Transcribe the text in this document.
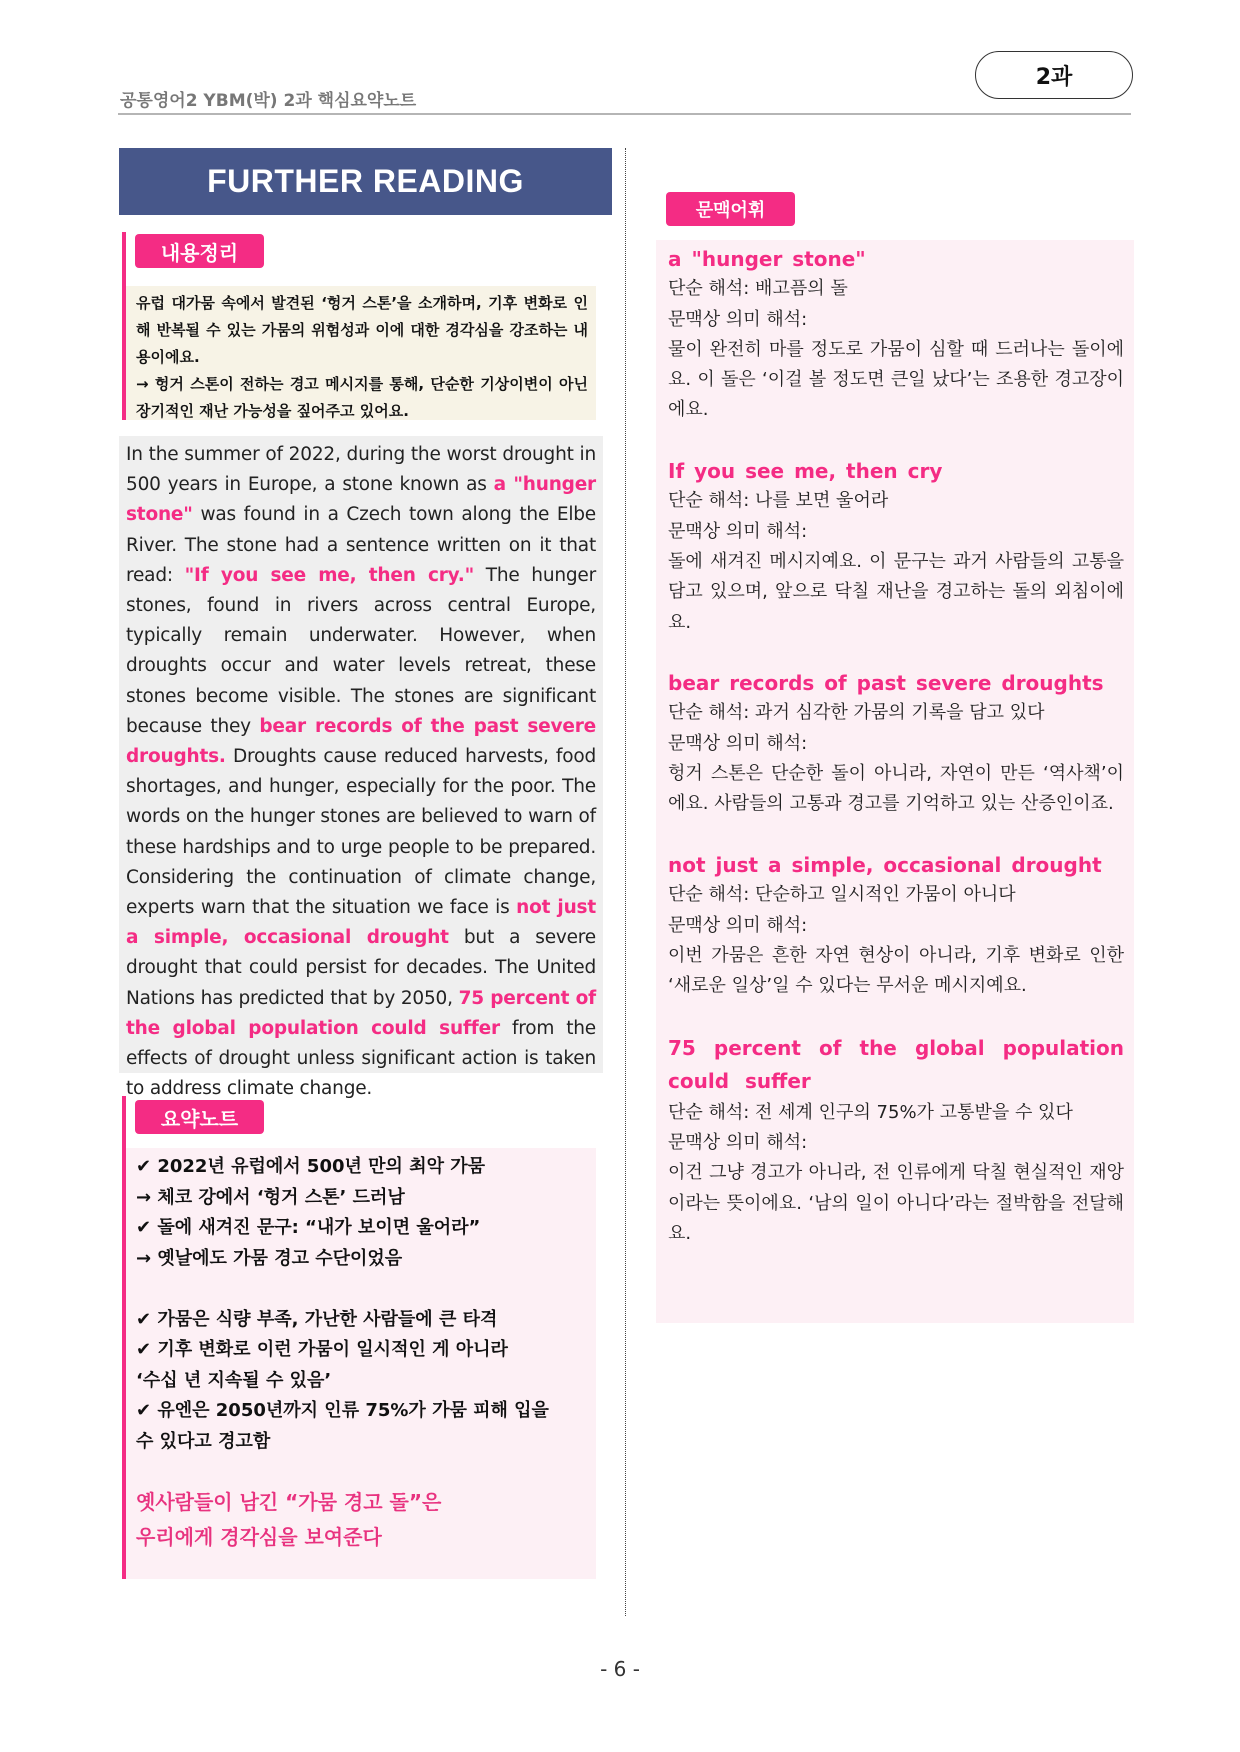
공통영어2 YBM(박) 2과 핵심요약노트
2과
FURTHER READING
내용정리
유럽 대가뭄 속에서 발견된 ‘헝거 스톤’을 소개하며, 기후 변화로 인해 반복될 수 있는 가뭄의 위험성과 이에 대한 경각심을 강조하는 내용이에요.
→ 헝거 스톤이 전하는 경고 메시지를 통해, 단순한 기상이변이 아닌 장기적인 재난 가능성을 짚어주고 있어요.
In the summer of 2022, during the worst drought in 500 years in Europe, a stone known as a "hunger stone" was found in a Czech town along the Elbe River. The stone had a sentence written on it that read: "If you see me, then cry." The hunger stones, found in rivers across central Europe, typically remain underwater. However, when droughts occur and water levels retreat, these stones become visible. The stones are significant because they bear records of the past severe droughts. Droughts cause reduced harvests, food shortages, and hunger, especially for the poor. The words on the hunger stones are believed to warn of these hardships and to urge people to be prepared. Considering the continuation of climate change, experts warn that the situation we face is not just a simple, occasional drought but a severe drought that could persist for decades. The United Nations has predicted that by 2050, 75 percent of the global population could suffer from the effects of drought unless significant action is taken to address climate change.
요약노트
✔ 2022년 유럽에서 500년 만의 최악 가뭄
→ 체코 강에서 ‘헝거 스톤’ 드러남
✔ 돌에 새겨진 문구: “내가 보이면 울어라”
→ 옛날에도 가뭄 경고 수단이었음
✔ 가뭄은 식량 부족, 가난한 사람들에 큰 타격
✔ 기후 변화로 이런 가뭄이 일시적인 게 아니라
‘수십 년 지속될 수 있음’
✔ 유엔은 2050년까지 인류 75%가 가뭄 피해 입을
수 있다고 경고함
옛사람들이 남긴 “가뭄 경고 돌”은
우리에게 경각심을 보여준다
문맥어휘
a "hunger stone"
단순 해석: 배고픔의 돌
문맥상 의미 해석:
물이 완전히 마를 정도로 가뭄이 심할 때 드러나는 돌이에요. 이 돌은 ‘이걸 볼 정도면 큰일 났다’는 조용한 경고장이에요.
If you see me, then cry
단순 해석: 나를 보면 울어라
문맥상 의미 해석:
돌에 새겨진 메시지예요. 이 문구는 과거 사람들의 고통을 담고 있으며, 앞으로 닥칠 재난을 경고하는 돌의 외침이에요.
bear records of past severe droughts
단순 해석: 과거 심각한 가뭄의 기록을 담고 있다
문맥상 의미 해석:
헝거 스톤은 단순한 돌이 아니라, 자연이 만든 ‘역사책’이에요. 사람들의 고통과 경고를 기억하고 있는 산증인이죠.
not just a simple, occasional drought
단순 해석: 단순하고 일시적인 가뭄이 아니다
문맥상 의미 해석:
이번 가뭄은 흔한 자연 현상이 아니라, 기후 변화로 인한 ‘새로운 일상’일 수 있다는 무서운 메시지예요.
75 percent of the global population could suffer
단순 해석: 전 세계 인구의 75%가 고통받을 수 있다
문맥상 의미 해석:
이건 그냥 경고가 아니라, 전 인류에게 닥칠 현실적인 재앙이라는 뜻이에요. ‘남의 일이 아니다’라는 절박함을 전달해요.
- 6 -
